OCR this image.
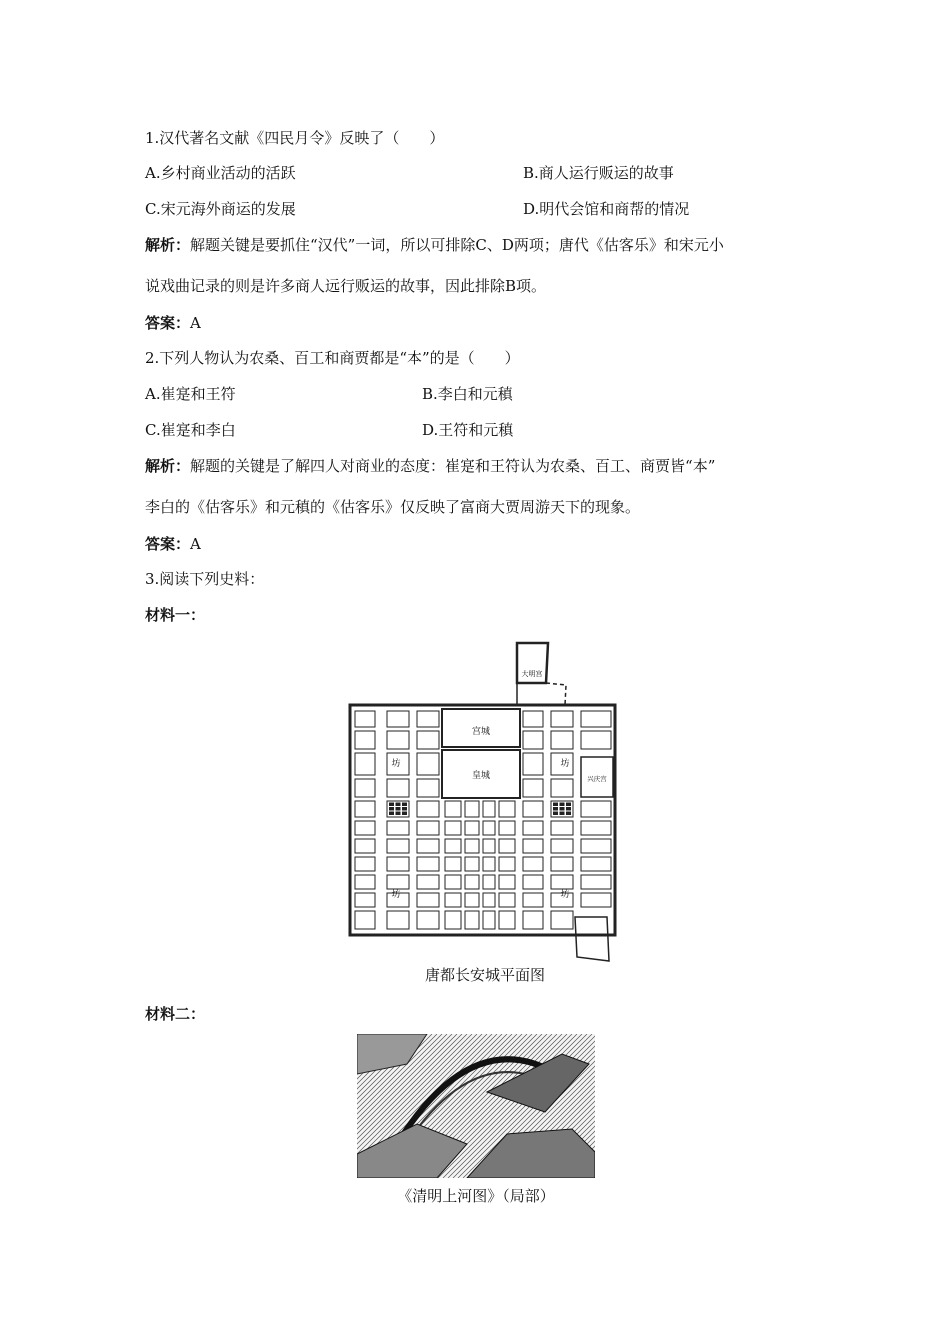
1.汉代著名文献《四民月令》反映了（　　）
A.乡村商业活动的活跃	B.商人运行贩运的故事
C.宋元海外商运的发展	D.明代会馆和商帮的情况
解析：解题关键是要抓住“汉代”一词，所以可排除C、D两项；唐代《估客乐》和宋元小
说戏曲记录的则是许多商人远行贩运的故事，因此排除B项。
答案：A
2.下列人物认为农桑、百工和商贾都是“本”的是（　　）
A.崔寔和王符	B.李白和元稹
C.崔寔和李白	D.王符和元稹
解析：解题的关键是了解四人对商业的态度：崔寔和王符认为农桑、百工、商贾皆“本”
李白的《估客乐》和元稹的《估客乐》仅反映了富商大贾周游天下的现象。
答案：A
3.阅读下列史料：
材料一：
大明宫
宫城
皇城	兴庆宫
坊	坊
坊	坊
唐都长安城平面图
材料二：
《清明上河图》（局部）
